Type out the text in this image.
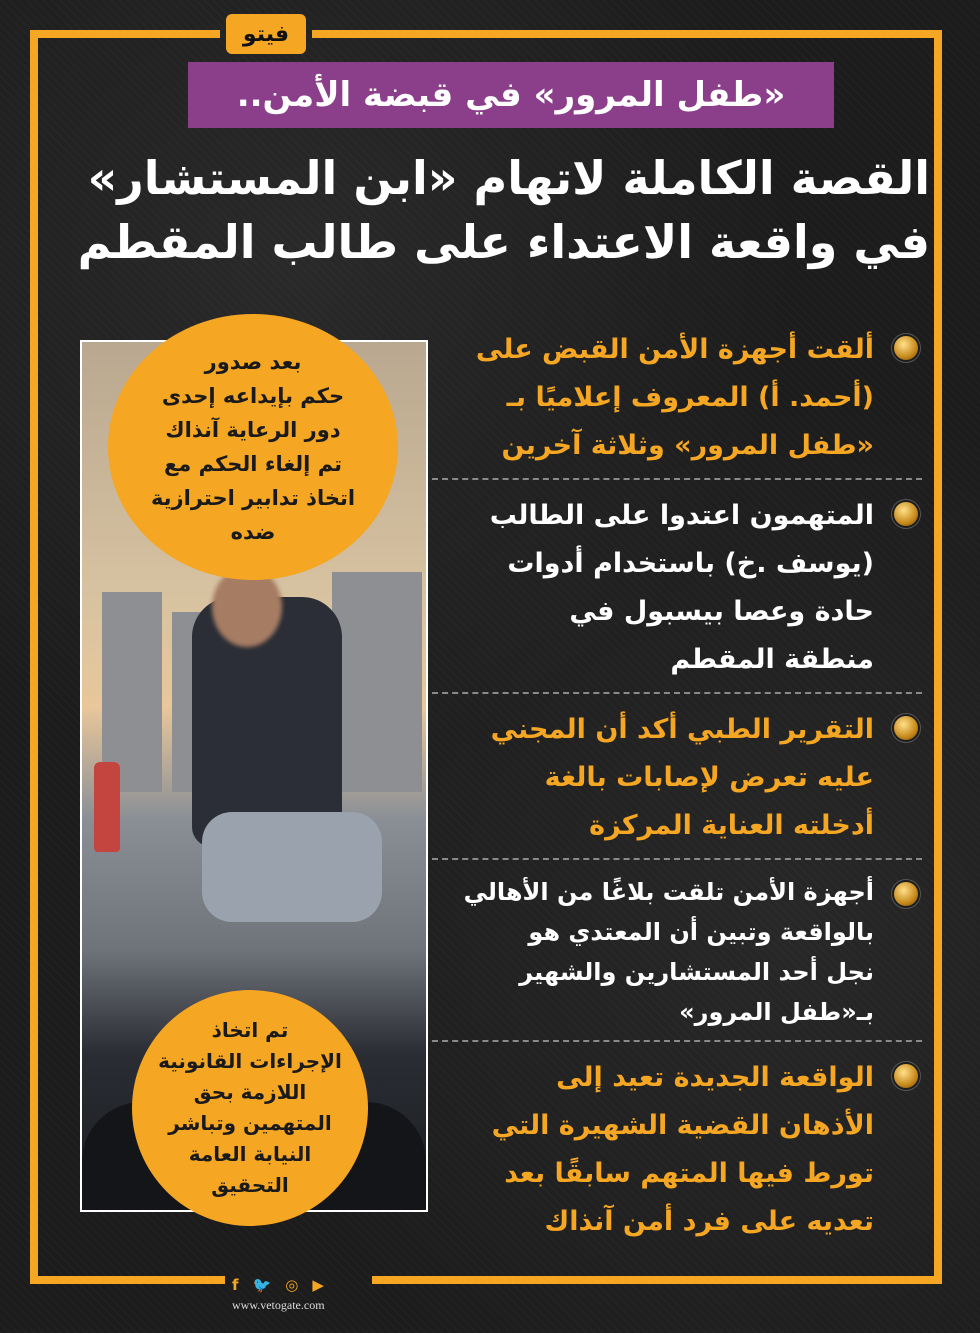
فيتو
«طفل المرور» في قبضة الأمن..
القصة الكاملة لاتهام «ابن المستشار»
في واقعة الاعتداء على طالب المقطم
بعد صدور
حكم بإيداعه إحدى
دور الرعاية آنذاك
تم إلغاء الحكم مع
اتخاذ تدابير احترازية
ضده
تم اتخاذ
الإجراءات القانونية
اللازمة بحق
المتهمين وتباشر
النيابة العامة
التحقيق
ألقت أجهزة الأمن القبض على
(أحمد. أ) المعروف إعلاميًا بـ
«طفل المرور» وثلاثة آخرين
المتهمون اعتدوا على الطالب
(يوسف .خ) باستخدام أدوات
حادة وعصا بيسبول في
منطقة المقطم
التقرير الطبي أكد أن المجني
عليه تعرض لإصابات بالغة
أدخلته العناية المركزة
أجهزة الأمن تلقت بلاغًا من الأهالي
بالواقعة وتبين أن المعتدي هو
نجل أحد المستشارين والشهير
بـ«طفل المرور»
الواقعة الجديدة تعيد إلى
الأذهان القضية الشهيرة التي
تورط فيها المتهم سابقًا بعد
تعديه على فرد أمن آنذاك
f 🐦 ◎ ▶
www.vetogate.com
